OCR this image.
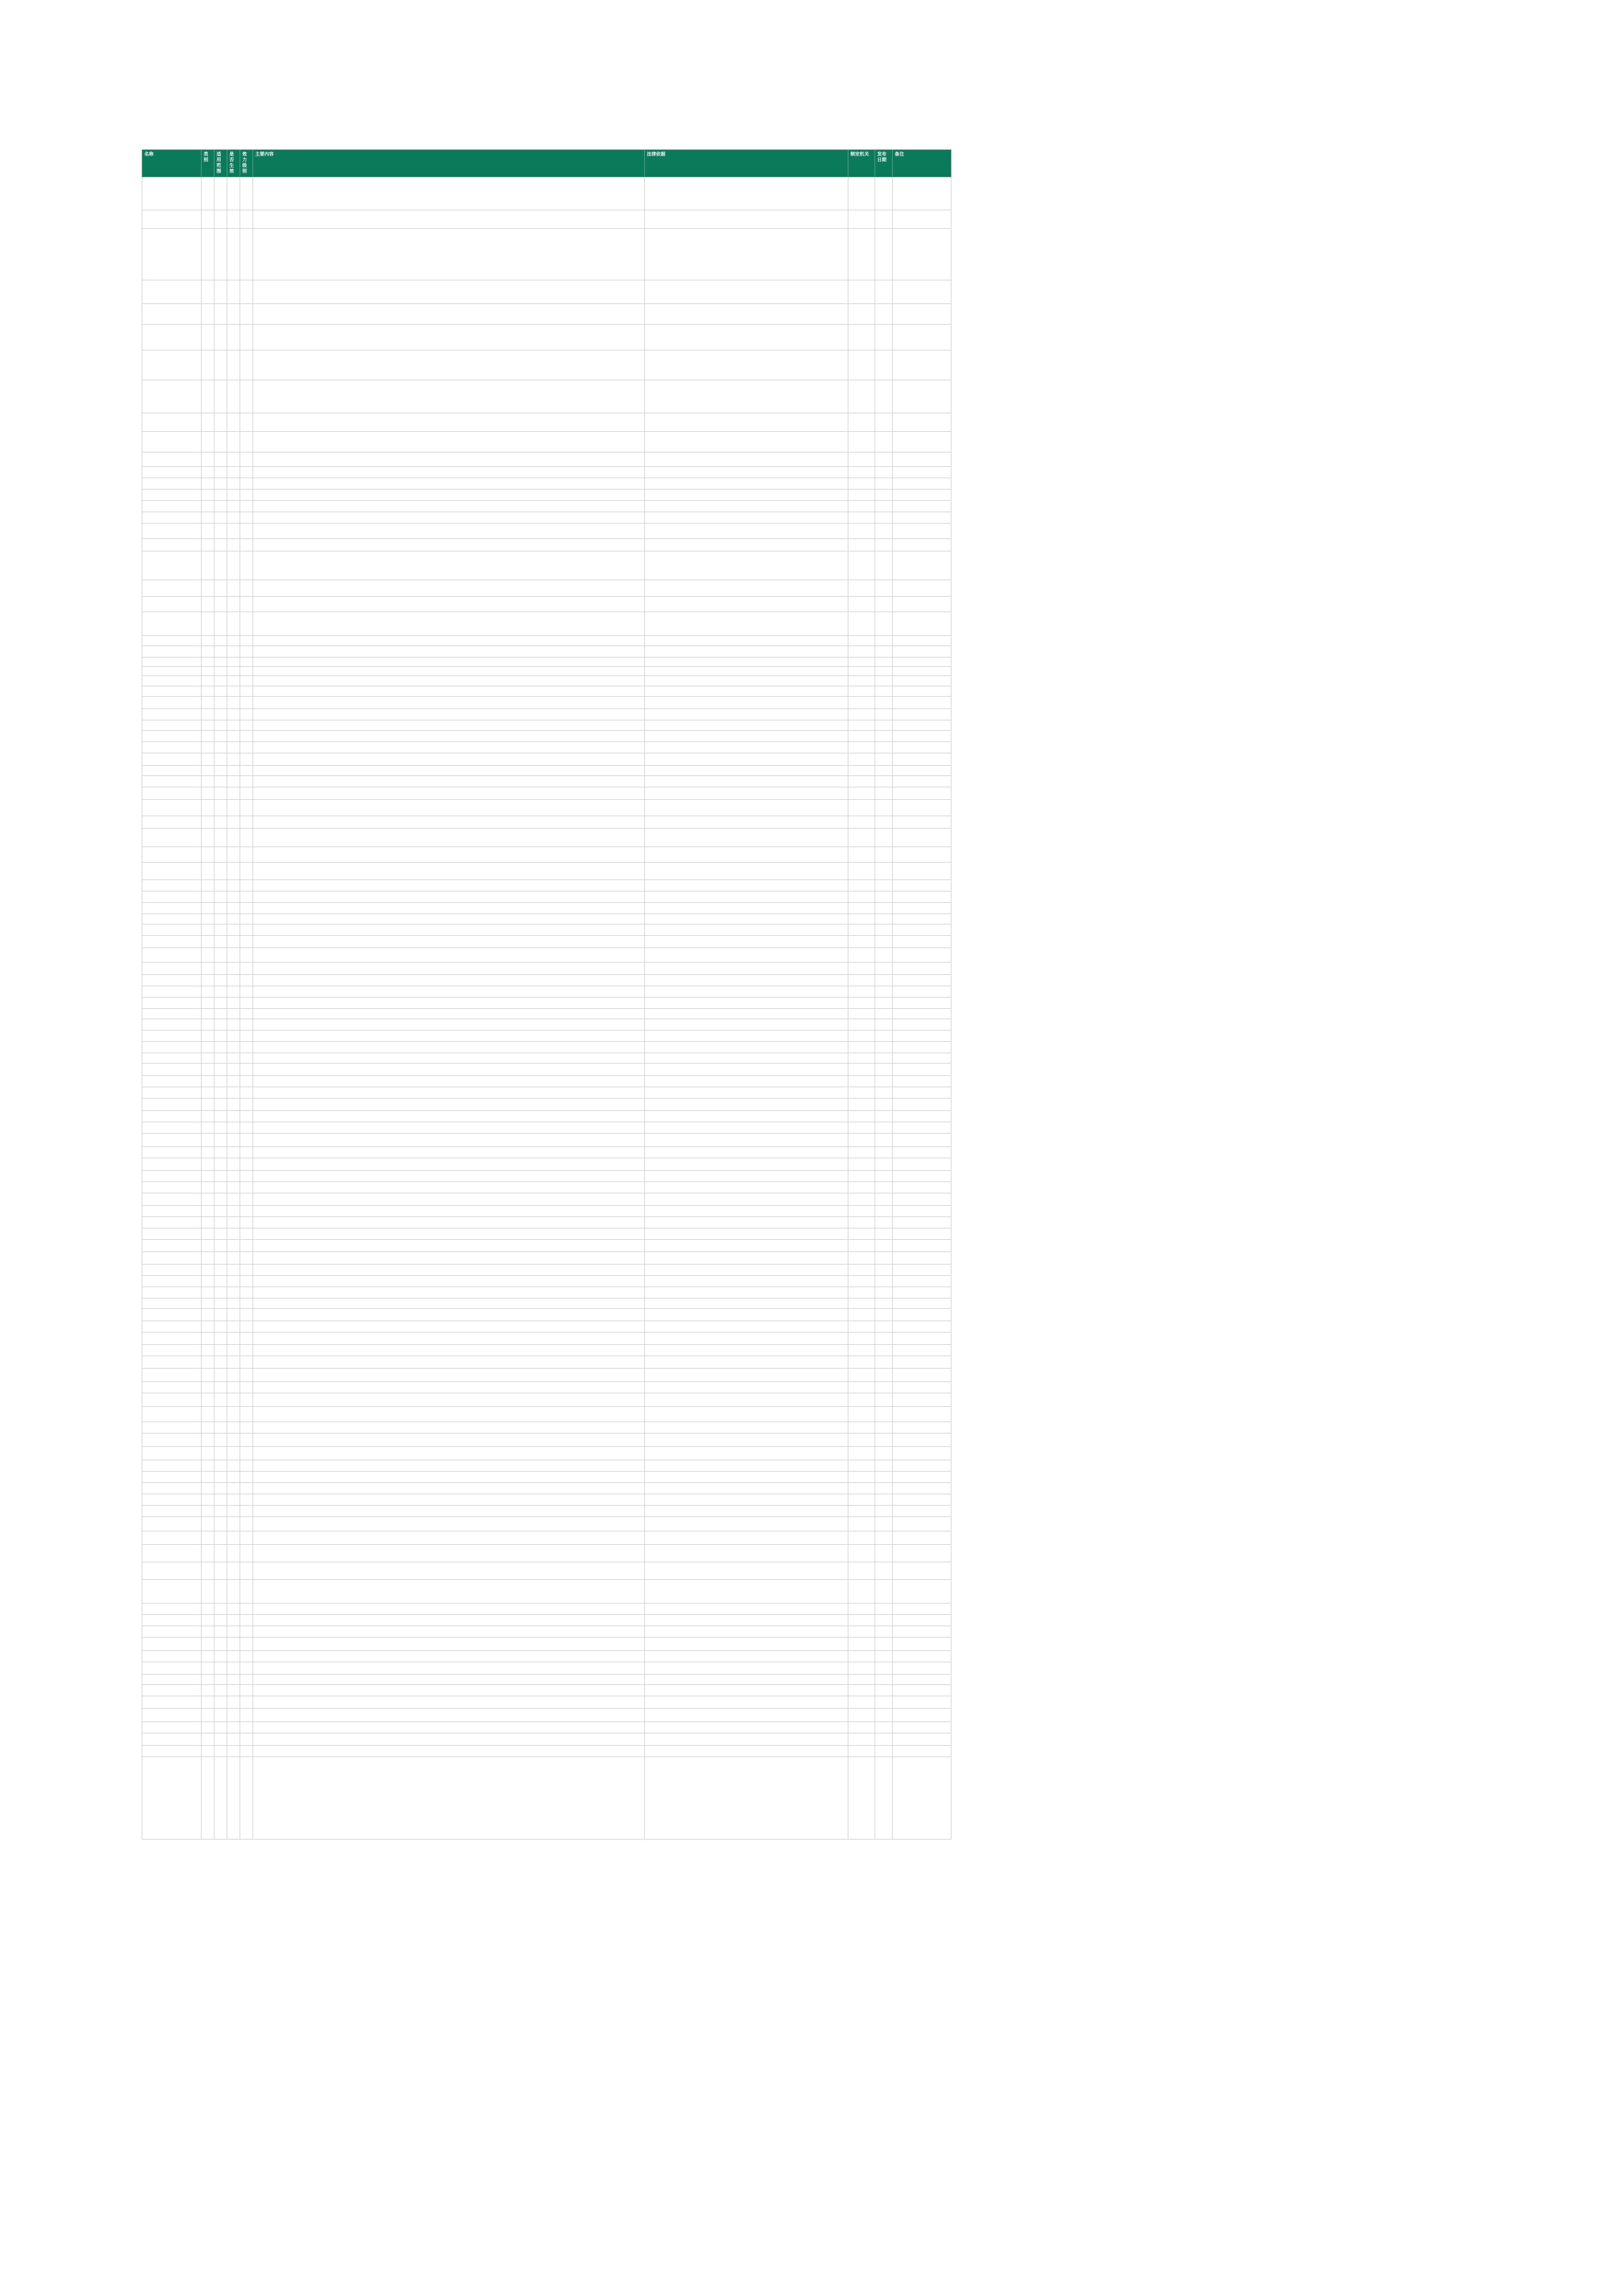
名称	类别	适用范围	是否生效	效力级别	主要内容	法律依据	制定机关	发布日期	备注
